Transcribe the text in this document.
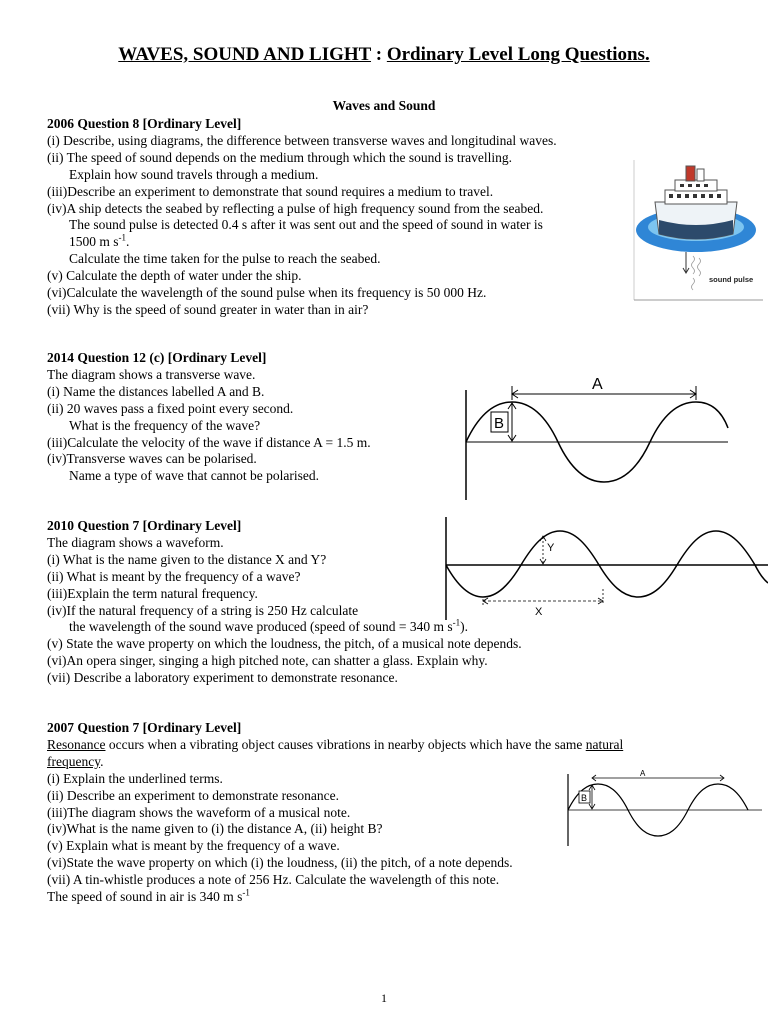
WAVES, SOUND AND LIGHT : Ordinary Level Long Questions.
Waves and Sound
2006 Question 8 [Ordinary Level]
(i) Describe, using diagrams, the difference between transverse waves and longitudinal waves.
(ii) The speed of sound depends on the medium through which the sound is travelling.
Explain how sound travels through a medium.
(iii)Describe an experiment to demonstrate that sound requires a medium to travel.
(iv)A ship detects the seabed by reflecting a pulse of high frequency sound from the seabed.
The sound pulse is detected 0.4 s after it was sent out and the speed of sound in water is
1500 m $s^{-1}$.
Calculate the time taken for the pulse to reach the seabed.
(v) Calculate the depth of water under the ship.
(vi)Calculate the wavelength of the sound pulse when its frequency is 50 000 Hz.
(vii) Why is the speed of sound greater in water than in air?
sound pulse
2014 Question 12 (c) [Ordinary Level]
The diagram shows a transverse wave.
(i) Name the distances labelled A and B.
(ii) 20 waves pass a fixed point every second.
What is the frequency of the wave?
(iii)Calculate the velocity of the wave if distance A = 1.5 m.
(iv)Transverse waves can be polarised.
Name a type of wave that cannot be polarised.
A
B
2010 Question 7 [Ordinary Level]
The diagram shows a waveform.
(i) What is the name given to the distance X and Y?
(ii) What is meant by the frequency of a wave?
(iii)Explain the term natural frequency.
(iv)If the natural frequency of a string is 250 Hz calculate
the wavelength of the sound wave produced (speed of sound = 340 m $s^{-1}$).
(v) State the wave property on which the loudness, the pitch, of a musical note depends.
(vi)An opera singer, singing a high pitched note, can shatter a glass. Explain why.
(vii) Describe a laboratory experiment to demonstrate resonance.
Y
X
2007 Question 7 [Ordinary Level]
Resonance occurs when a vibrating object causes vibrations in nearby objects which have the same natural
frequency.
(i) Explain the underlined terms.
(ii) Describe an experiment to demonstrate resonance.
(iii)The diagram shows the waveform of a musical note.
(iv)What is the name given to (i) the distance A, (ii) height B?
(v) Explain what is meant by the frequency of a wave.
(vi)State the wave property on which (i) the loudness, (ii) the pitch, of a note depends.
(vii) A tin-whistle produces a note of 256 Hz. Calculate the wavelength of this note.
The speed of sound in air is 340 m $s^{-1}$
A
B
1
